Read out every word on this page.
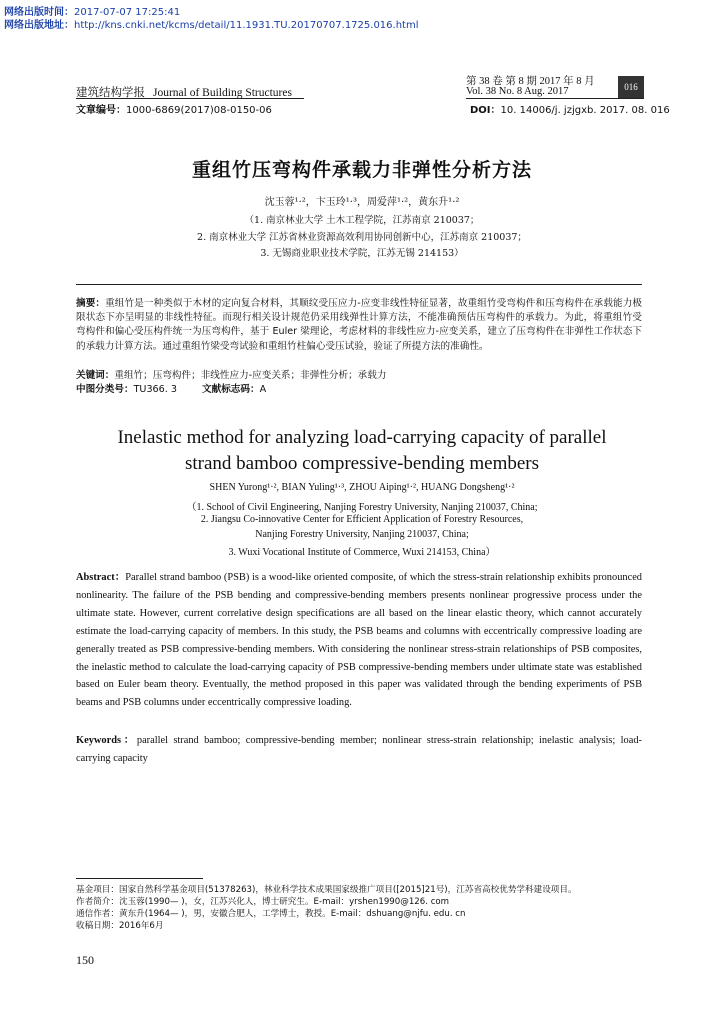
网络出版时间：2017-07-07 17:25:41
网络出版地址：http://kns.cnki.net/kcms/detail/11.1931.TU.20170707.1725.016.html
建筑结构学报 Journal of Building Structures
第 38 卷 第 8 期 2017 年 8 月
Vol. 38 No. 8 Aug. 2017	016
文章编号：1000-6869(2017)08-0150-06	DOI：10. 14006/j. jzjgxb. 2017. 08. 016
重组竹压弯构件承载力非弹性分析方法
沈玉蓉¹·²，卞玉玲¹·³，周爱萍¹·²，黄东升¹·²
（1. 南京林业大学 土木工程学院，江苏南京 210037；
2. 南京林业大学 江苏省林业资源高效利用协同创新中心，江苏南京 210037；
3. 无锡商业职业技术学院，江苏无锡 214153）
摘要：重组竹是一种类似于木材的定向复合材料，其顺纹受压应力-应变非线性特征显著，故重组竹受弯构件和压弯构件在承载能力极限状态下亦呈明显的非线性特征。而现行相关设计规范仍采用线弹性计算方法，不能准确预估压弯构件的承载力。为此，将重组竹受弯构件和偏心受压构件统一为压弯构件，基于 Euler 梁理论，考虑材料的非线性应力-应变关系，建立了压弯构件在非弹性工作状态下的承载力计算方法。通过重组竹梁受弯试验和重组竹柱偏心受压试验，验证了所提方法的准确性。
关键词：重组竹；压弯构件；非线性应力-应变关系；非弹性分析；承载力
中图分类号：TU366. 3	文献标志码：A
Inelastic method for analyzing load-carrying capacity of parallel
strand bamboo compressive-bending members
SHEN Yurong¹·², BIAN Yuling¹·³, ZHOU Aiping¹·², HUANG Dongsheng¹·²
（1. School of Civil Engineering, Nanjing Forestry University, Nanjing 210037, China;
2. Jiangsu Co-innovative Center for Efficient Application of Forestry Resources,
Nanjing Forestry University, Nanjing 210037, China;
3. Wuxi Vocational Institute of Commerce, Wuxi 214153, China）
Abstract：Parallel strand bamboo (PSB) is a wood-like oriented composite, of which the stress-strain relationship exhibits pronounced nonlinearity. The failure of the PSB bending and compressive-bending members presents nonlinear progressive process under the ultimate state. However, current correlative design specifications are all based on the linear elastic theory, which cannot accurately estimate the load-carrying capacity of members. In this study, the PSB beams and columns with eccentrically compressive loading are generally treated as PSB compressive-bending members. With considering the nonlinear stress-strain relationships of PSB composites, the inelastic method to calculate the load-carrying capacity of PSB compressive-bending members under ultimate state was established based on Euler beam theory. Eventually, the method proposed in this paper was validated through the bending experiments of PSB beams and PSB columns under eccentrically compressive loading.
Keywords：parallel strand bamboo; compressive-bending member; nonlinear stress-strain relationship; inelastic analysis; load-carrying capacity
基金项目：国家自然科学基金项目(51378263)，林业科学技术成果国家级推广项目([2015]21号)，江苏省高校优势学科建设项目。
作者简介：沈玉蓉(1990— )，女，江苏兴化人，博士研究生。E-mail：yrshen1990@126. com
通信作者：黄东升(1964— )，男，安徽合肥人，工学博士，教授。E-mail：dshuang@njfu. edu. cn
收稿日期：2016年6月
150
